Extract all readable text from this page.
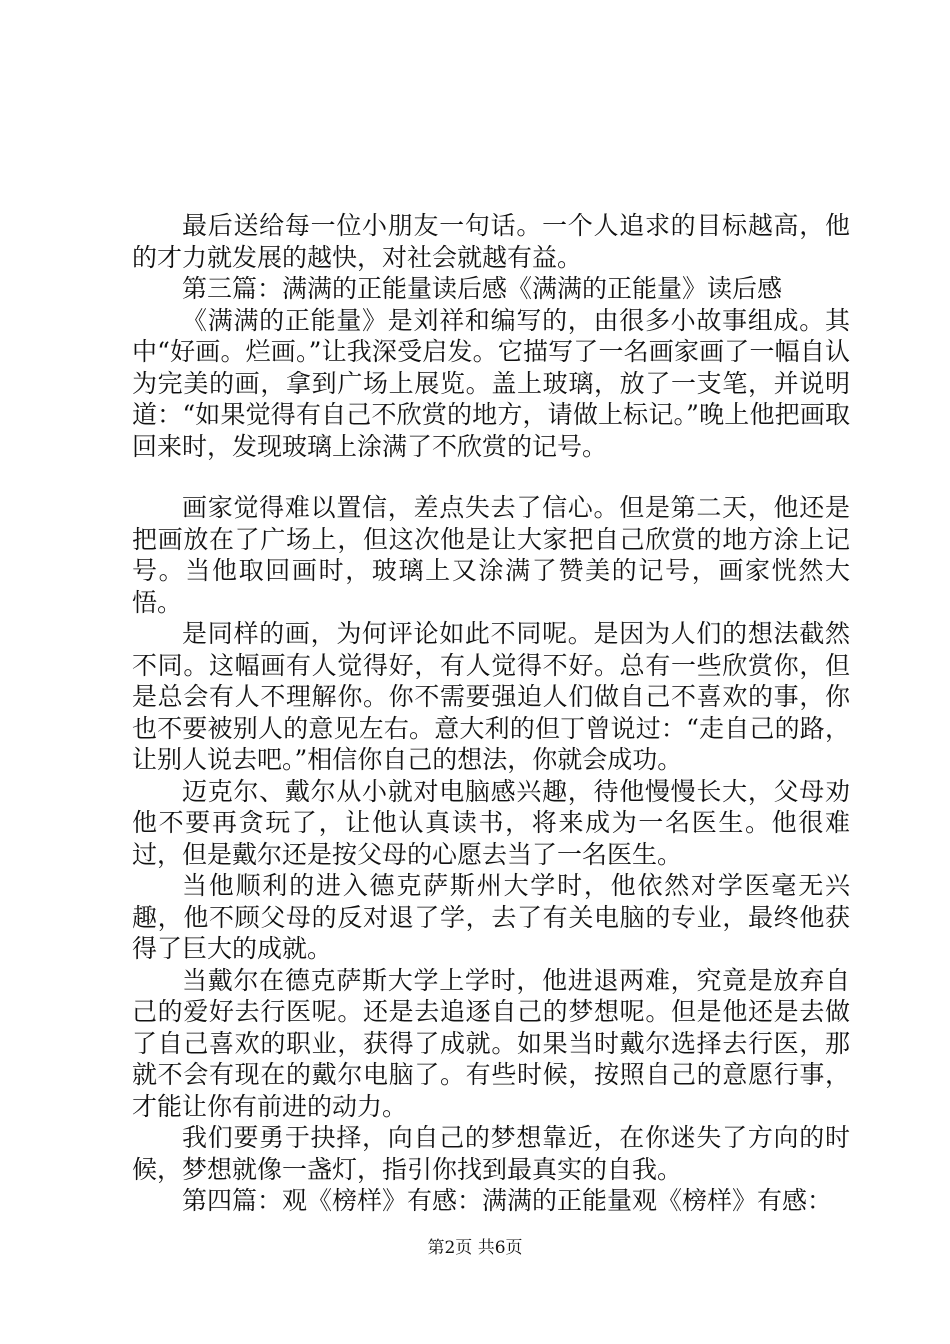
最后送给每一位小朋友一句话。一个人追求的目标越高，他的才力就发展的越快，对社会就越有益。

第三篇：满满的正能量读后感《满满的正能量》读后感

《满满的正能量》是刘祥和编写的，由很多小故事组成。其中“好画。烂画。”让我深受启发。它描写了一名画家画了一幅自认为完美的画，拿到广场上展览。盖上玻璃，放了一支笔，并说明道：“如果觉得有自己不欣赏的地方，请做上标记。”晚上他把画取回来时，发现玻璃上涂满了不欣赏的记号。

画家觉得难以置信，差点失去了信心。但是第二天，他还是把画放在了广场上，但这次他是让大家把自己欣赏的地方涂上记号。当他取回画时，玻璃上又涂满了赞美的记号，画家恍然大悟。

是同样的画，为何评论如此不同呢。是因为人们的想法截然不同。这幅画有人觉得好，有人觉得不好。总有一些欣赏你，但是总会有人不理解你。你不需要强迫人们做自己不喜欢的事，你也不要被别人的意见左右。意大利的但丁曾说过：“走自己的路，让别人说去吧。”相信你自己的想法，你就会成功。

迈克尔、戴尔从小就对电脑感兴趣，待他慢慢长大，父母劝他不要再贪玩了，让他认真读书，将来成为一名医生。他很难过，但是戴尔还是按父母的心愿去当了一名医生。

当他顺利的进入德克萨斯州大学时，他依然对学医毫无兴趣，他不顾父母的反对退了学，去了有关电脑的专业，最终他获得了巨大的成就。

当戴尔在德克萨斯大学上学时，他进退两难，究竟是放弃自己的爱好去行医呢。还是去追逐自己的梦想呢。但是他还是去做了自己喜欢的职业，获得了成就。如果当时戴尔选择去行医，那就不会有现在的戴尔电脑了。有些时候，按照自己的意愿行事，才能让你有前进的动力。

我们要勇于抉择，向自己的梦想靠近，在你迷失了方向的时候，梦想就像一盏灯，指引你找到最真实的自我。

第四篇：观《榜样》有感：满满的正能量观《榜样》有感：

第2页 共6页
